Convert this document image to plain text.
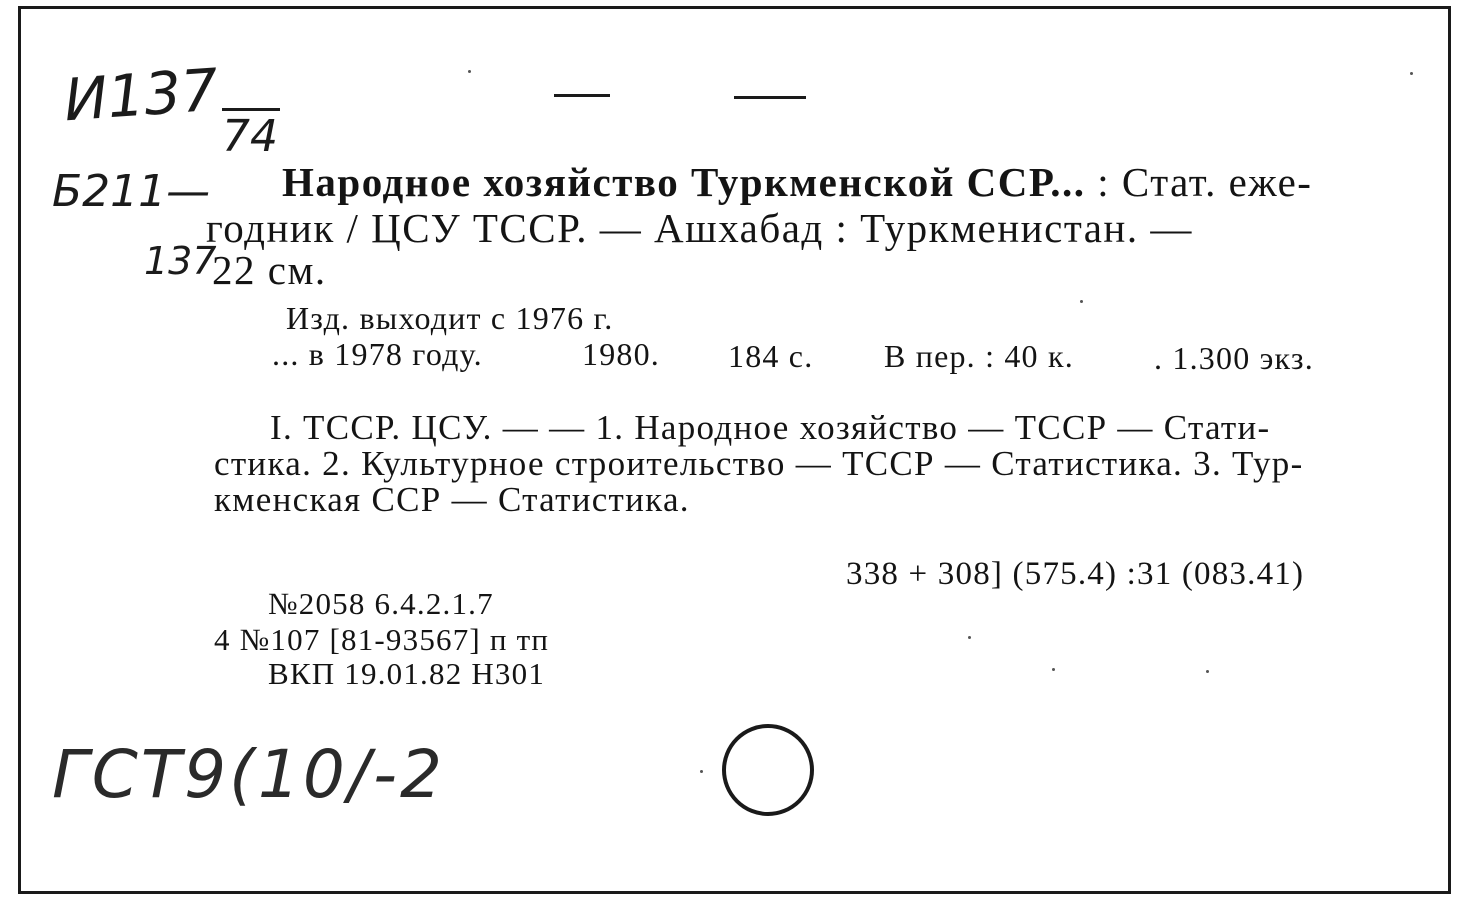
И137
74
Б211—
137
ГСТ9(10/-2
Народное хозяйство Туркменской ССР... : Стат. еже-
годник / ЦСУ ТССР. — Ашхабад : Туркменистан. —
22 см.
Изд. выходит с 1976 г.
... в 1978 году.	1980. 184 с. В пер. : 40 к.	. 1.300 экз.
I. ТССР. ЦСУ. — — 1. Народное хозяйство — ТССР — Стати-
стика. 2. Культурное строительство — ТССР — Статистика. 3. Тур-
кменская ССР — Статистика.
338 + 308] (575.4) :31 (083.41)
№2058 6.4.2.1.7
4 №107 [81-93567] п тп
ВКП 19.01.82 Н301
